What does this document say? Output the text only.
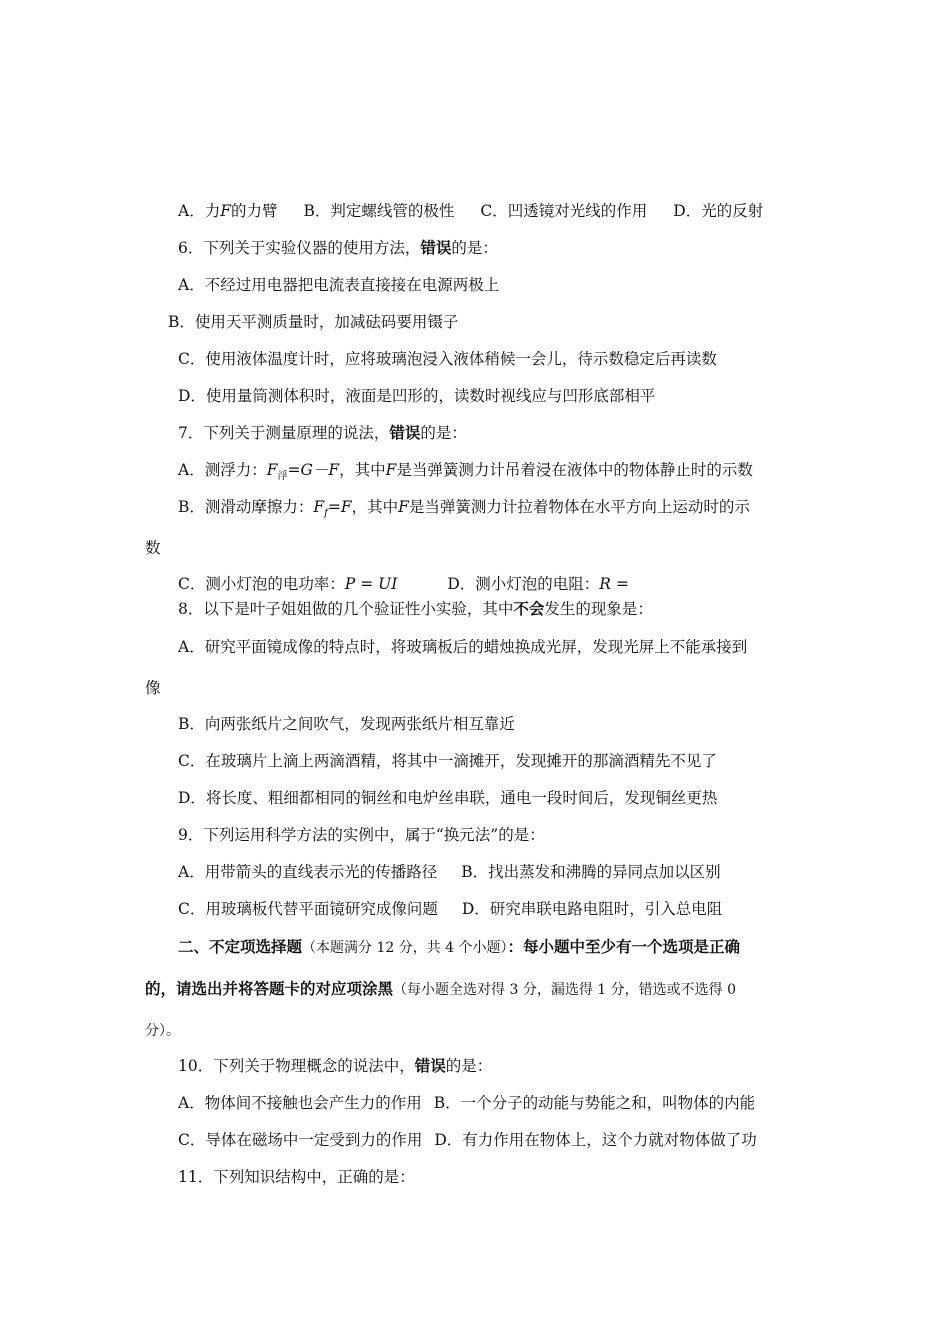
A．力F的力臂 B．判定螺线管的极性 C．凹透镜对光线的作用 D．光的反射
6．下列关于实验仪器的使用方法，错误的是：
A．不经过用电器把电流表直接接在电源两极上
B．使用天平测质量时，加减砝码要用镊子
C．使用液体温度计时，应将玻璃泡浸入液体稍候一会儿，待示数稳定后再读数
D．使用量筒测体积时，液面是凹形的，读数时视线应与凹形底部相平
7．下列关于测量原理的说法，错误的是：
A．测浮力：$F_浮=G-F$，其中F是当弹簧测力计吊着浸在液体中的物体静止时的示数
B．测滑动摩擦力：$F_f=F$，其中F是当弹簧测力计拉着物体在水平方向上运动时的示
数
C．测小灯泡的电功率：P = UI	D．测小灯泡的电阻：R =
8．以下是叶子姐姐做的几个验证性小实验，其中不会发生的现象是：
A．研究平面镜成像的特点时，将玻璃板后的蜡烛换成光屏，发现光屏上不能承接到
像
B．向两张纸片之间吹气，发现两张纸片相互靠近
C．在玻璃片上滴上两滴酒精，将其中一滴摊开，发现摊开的那滴酒精先不见了
D．将长度、粗细都相同的铜丝和电炉丝串联，通电一段时间后，发现铜丝更热
9．下列运用科学方法的实例中，属于“换元法”的是：
A．用带箭头的直线表示光的传播路径 B．找出蒸发和沸腾的异同点加以区别
C．用玻璃板代替平面镜研究成像问题 D．研究串联电路电阻时，引入总电阻
二、不定项选择题（本题满分 12 分，共 4 个小题）：每小题中至少有一个选项是正确
的，请选出并将答题卡的对应项涂黑（每小题全选对得 3 分，漏选得 1 分，错选或不选得 0
分）。
10．下列关于物理概念的说法中，错误的是：
A．物体间不接触也会产生力的作用 B．一个分子的动能与势能之和，叫物体的内能
C．导体在磁场中一定受到力的作用 D．有力作用在物体上，这个力就对物体做了功
11．下列知识结构中，正确的是：
